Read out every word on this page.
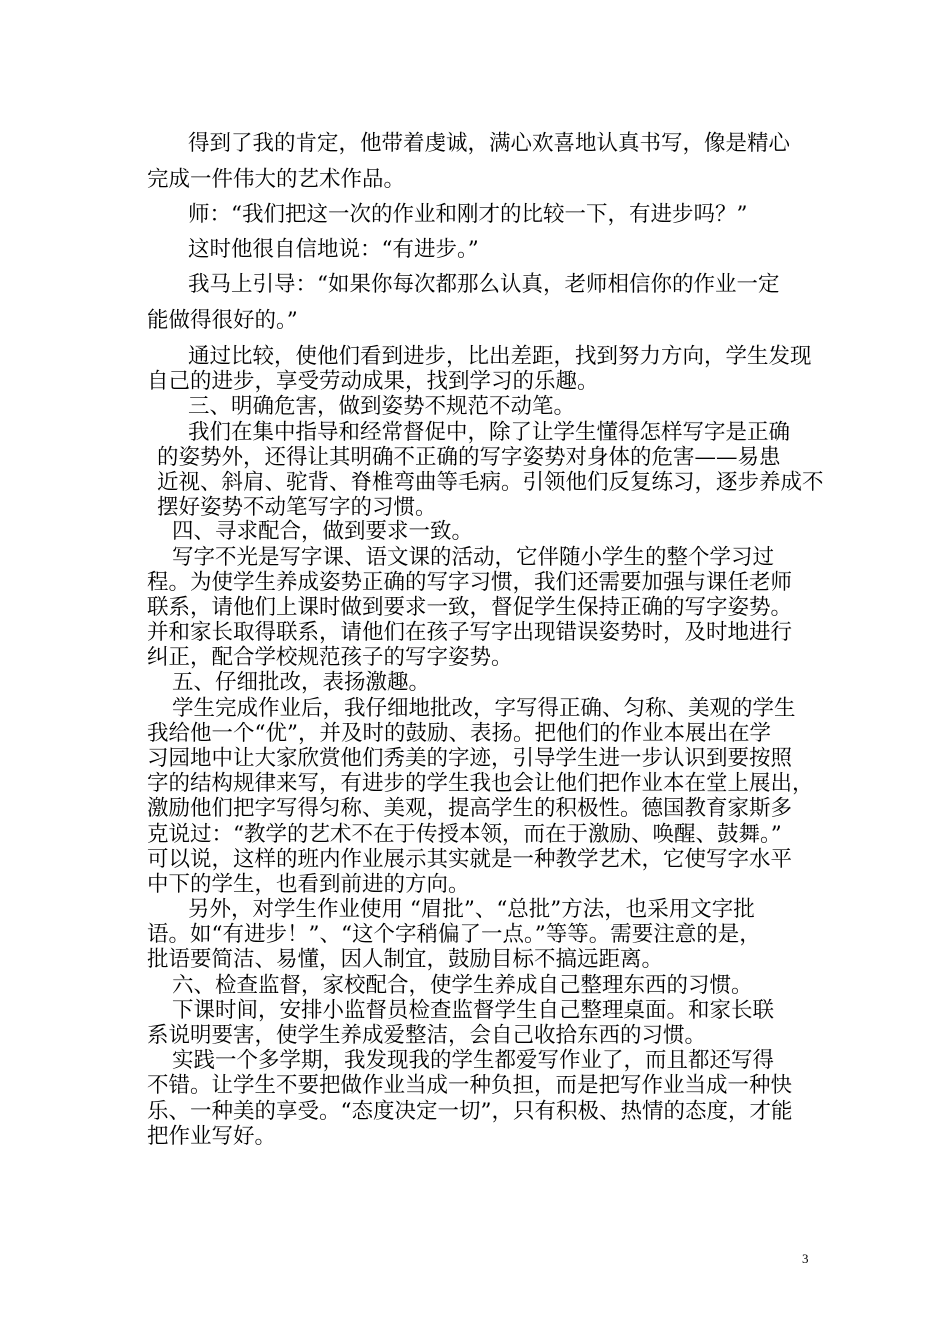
得到了我的肯定，他带着虔诚，满心欢喜地认真书写，像是精心
完成一件伟大的艺术作品。
师：“我们把这一次的作业和刚才的比较一下，有进步吗？”
这时他很自信地说：“有进步。”
我马上引导：“如果你每次都那么认真，老师相信你的作业一定
能做得很好的。”
通过比较，使他们看到进步，比出差距，找到努力方向，学生发现
自己的进步，享受劳动成果，找到学习的乐趣。
三、明确危害，做到姿势不规范不动笔。
我们在集中指导和经常督促中，除了让学生懂得怎样写字是正确
的姿势外，还得让其明确不正确的写字姿势对身体的危害——易患
近视、斜肩、驼背、脊椎弯曲等毛病。引领他们反复练习，逐步养成不
摆好姿势不动笔写字的习惯。
四、寻求配合，做到要求一致。
写字不光是写字课、语文课的活动，它伴随小学生的整个学习过
程。为使学生养成姿势正确的写字习惯，我们还需要加强与课任老师
联系，请他们上课时做到要求一致，督促学生保持正确的写字姿势。
并和家长取得联系，请他们在孩子写字出现错误姿势时，及时地进行
纠正，配合学校规范孩子的写字姿势。
五、仔细批改，表扬激趣。
学生完成作业后，我仔细地批改，字写得正确、匀称、美观的学生
我给他一个“优”，并及时的鼓励、表扬。把他们的作业本展出在学
习园地中让大家欣赏他们秀美的字迹，引导学生进一步认识到要按照
字的结构规律来写，有进步的学生我也会让他们把作业本在堂上展出，
激励他们把字写得匀称、美观，提高学生的积极性。德国教育家斯多
克说过：“教学的艺术不在于传授本领，而在于激励、唤醒、鼓舞。”
可以说，这样的班内作业展示其实就是一种教学艺术，它使写字水平
中下的学生，也看到前进的方向。
另外，对学生作业使用 “眉批”、“总批”方法，也采用文字批
语。如“有进步！”、“这个字稍偏了一点。”等等。需要注意的是，
批语要简洁、易懂，因人制宜，鼓励目标不搞远距离。
六、检查监督，家校配合，使学生养成自己整理东西的习惯。
下课时间，安排小监督员检查监督学生自己整理桌面。和家长联
系说明要害，使学生养成爱整洁，会自己收拾东西的习惯。
实践一个多学期，我发现我的学生都爱写作业了，而且都还写得
不错。让学生不要把做作业当成一种负担，而是把写作业当成一种快
乐、一种美的享受。“态度决定一切”，只有积极、热情的态度，才能
把作业写好。
3
